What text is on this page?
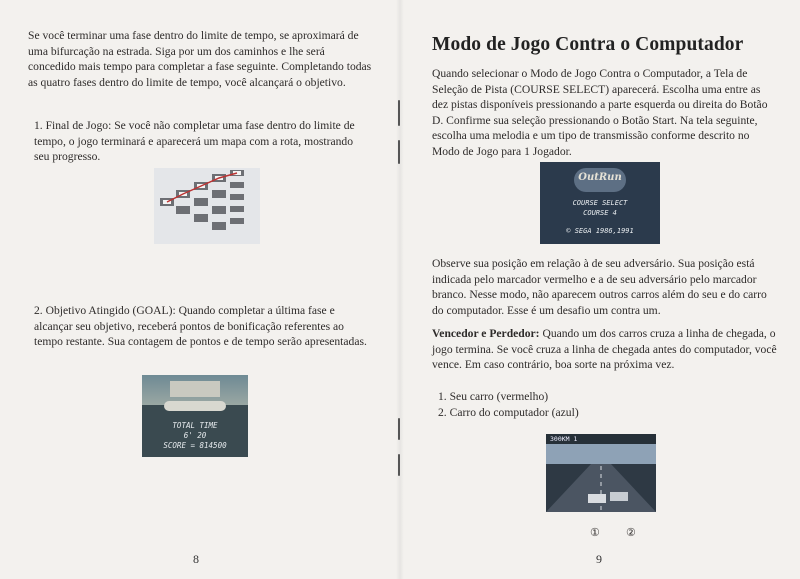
Se você terminar uma fase dentro do limite de tempo, se aproximará de uma bifurcação na estrada. Siga por um dos caminhos e lhe será concedido mais tempo para completar a fase seguinte. Completando todas as quatro fases dentro do limite de tempo, você alcançará o objetivo.

1. Final de Jogo: Se você não completar uma fase dentro do limite de tempo, o jogo terminará e aparecerá um mapa com a rota, mostrando seu progresso.

2. Objetivo Atingido (GOAL): Quando completar a última fase e alcançar seu objetivo, receberá pontos de bonificação referentes ao tempo restante. Sua contagem de pontos e de tempo serão apresentadas.

TOTAL TIME
6' 20
SCORE = 814500
8
Modo de Jogo Contra o Computador

Quando selecionar o Modo de Jogo Contra o Computador, a Tela de Seleção de Pista (COURSE SELECT) aparecerá. Escolha uma entre as dez pistas disponíveis pressionando a parte esquerda ou direita do Botão D. Confirme sua seleção pressionando o Botão Start. Na tela seguinte, escolha uma melodia e um tipo de transmissão conforme descrito no Modo de Jogo para 1 Jogador.

OutRun
COURSE SELECT
COURSE 4
© SEGA 1986,1991

Observe sua posição em relação à de seu adversário. Sua posição está indicada pelo marcador vermelho e a de seu adversário pelo marcador branco. Nesse modo, não aparecem outros carros além do seu e do carro do computador. Esse é um desafio um contra um.

Vencedor e Perdedor: Quando um dos carros cruza a linha de chegada, o jogo termina. Se você cruza a linha de chegada antes do computador, você vence. Em caso contrário, boa sorte na próxima vez.

1. Seu carro (vermelho)
2. Carro do computador (azul)
300KM 1
① ②
9
